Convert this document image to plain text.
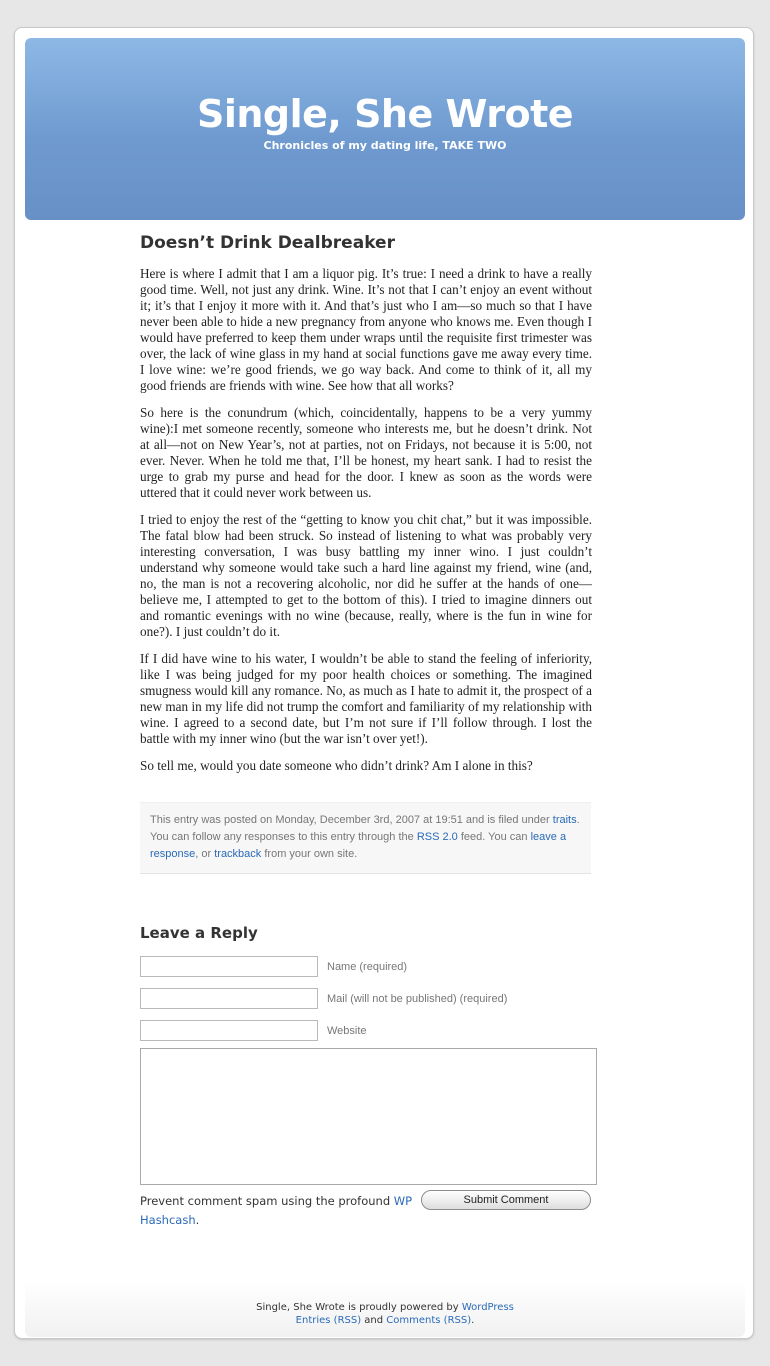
Single, She Wrote
Chronicles of my dating life, TAKE TWO
Single, She Wrote is proudly powered by WordPress
Entries (RSS) and Comments (RSS).
Doesn’t Drink Dealbreaker

Here is where I admit that I am a liquor pig. It’s true: I need a drink to have a really good time. Well, not just any drink. Wine. It’s not that I can’t enjoy an event without it; it’s that I enjoy it more with it. And that’s just who I am—so much so that I have never been able to hide a new pregnancy from anyone who knows me. Even though I would have preferred to keep them under wraps until the requisite first trimester was over, the lack of wine glass in my hand at social functions gave me away every time. I love wine: we’re good friends, we go way back. And come to think of it, all my good friends are friends with wine. See how that all works?

So here is the conundrum (which, coincidentally, happens to be a very yummy wine):I met someone recently, someone who interests me, but he doesn’t drink. Not at all—not on New Year’s, not at parties, not on Fridays, not because it is 5:00, not ever. Never. When he told me that, I’ll be honest, my heart sank. I had to resist the urge to grab my purse and head for the door. I knew as soon as the words were uttered that it could never work between us.

I tried to enjoy the rest of the “getting to know you chit chat,” but it was impossible. The fatal blow had been struck. So instead of listening to what was probably very interesting conversation, I was busy battling my inner wino. I just couldn’t understand why someone would take such a hard line against my friend, wine (and, no, the man is not a recovering alcoholic, nor did he suffer at the hands of one—believe me, I attempted to get to the bottom of this). I tried to imagine dinners out and romantic evenings with no wine (because, really, where is the fun in wine for one?). I just couldn’t do it.

If I did have wine to his water, I wouldn’t be able to stand the feeling of inferiority, like I was being judged for my poor health choices or something. The imagined smugness would kill any romance. No, as much as I hate to admit it, the prospect of a new man in my life did not trump the comfort and familiarity of my relationship with wine. I agreed to a second date, but I’m not sure if I’ll follow through. I lost the battle with my inner wino (but the war isn’t over yet!).

So tell me, would you date someone who didn’t drink? Am I alone in this?

This entry was posted on Monday, December 3rd, 2007 at 19:51 and is filed under traits. You can follow any responses to this entry through the RSS 2.0 feed. You can leave a response, or trackback from your own site.
Leave a Reply
Name (required)
Mail (will not be published) (required)
Website
Prevent comment spam using the profound WP Hashcash.
Submit Comment
